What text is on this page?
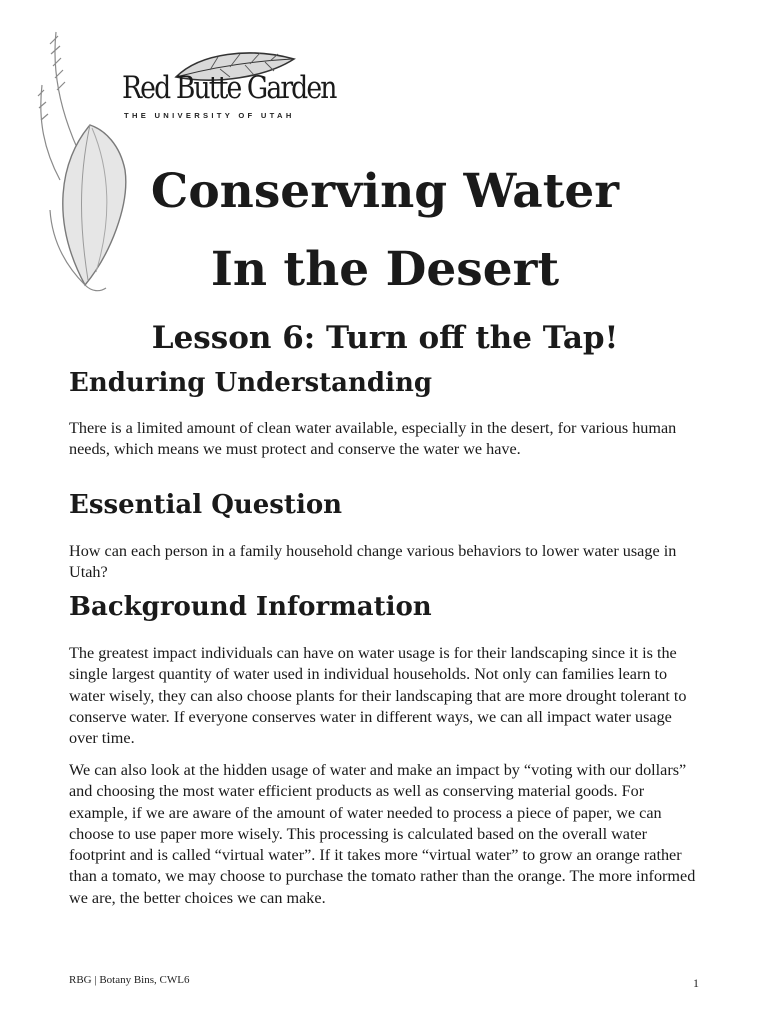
Red Butte Garden
THE UNIVERSITY OF UTAH
Conserving Water
In the Desert
Lesson 6: Turn off the Tap!
Enduring Understanding

There is a limited amount of clean water available, especially in the desert, for various human needs, which means we must protect and conserve the water we have.

Essential Question

How can each person in a family household change various behaviors to lower water usage in Utah?

Background Information

The greatest impact individuals can have on water usage is for their landscaping since it is the single largest quantity of water used in individual households. Not only can families learn to water wisely, they can also choose plants for their landscaping that are more drought tolerant to conserve water. If everyone conserves water in different ways, we can all impact water usage over time.

We can also look at the hidden usage of water and make an impact by “voting with our dollars” and choosing the most water efficient products as well as conserving material goods. For example, if we are aware of the amount of water needed to process a piece of paper, we can choose to use paper more wisely. This processing is calculated based on the overall water footprint and is called “virtual water”. If it takes more “virtual water” to grow an orange rather than a tomato, we may choose to purchase the tomato rather than the orange. The more informed we are, the better choices we can make.

RBG | Botany Bins, CWL6	1
